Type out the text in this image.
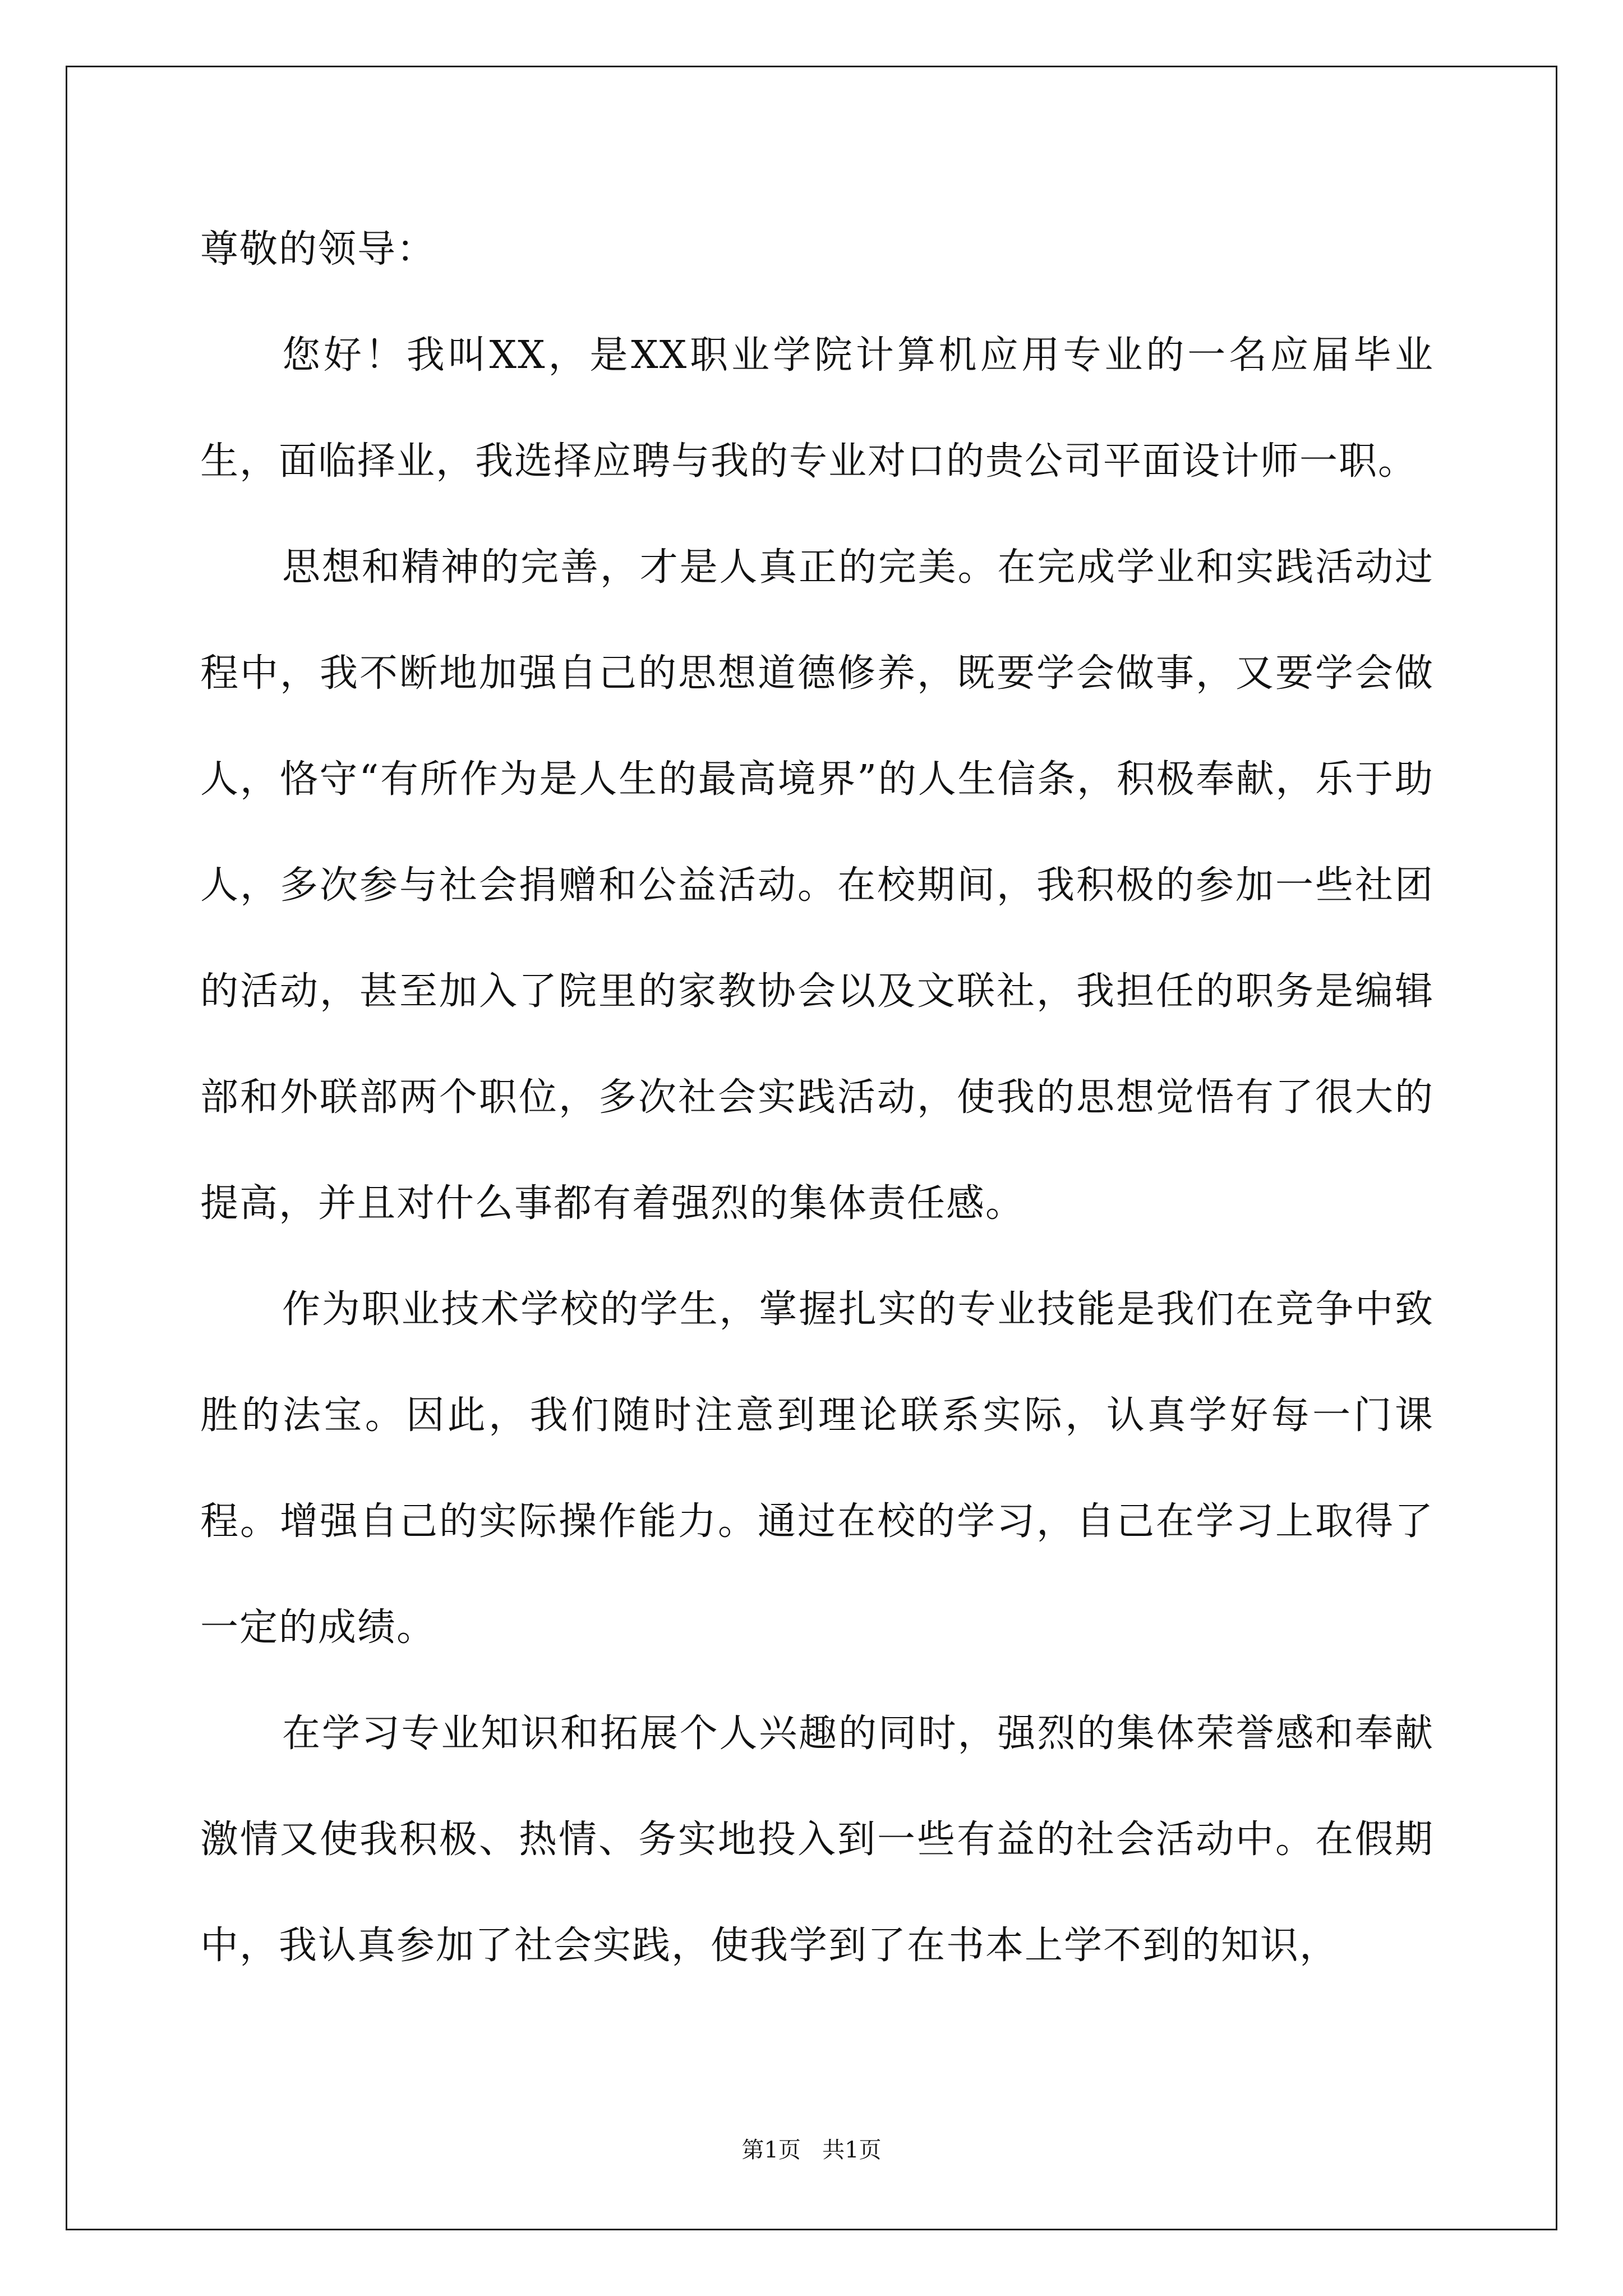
尊敬的领导：

您好！我叫XX，是XX职业学院计算机应用专业的一名应届毕业生，面临择业，我选择应聘与我的专业对口的贵公司平面设计师一职。

思想和精神的完善，才是人真正的完美。在完成学业和实践活动过程中，我不断地加强自己的思想道德修养，既要学会做事，又要学会做人，恪守“有所作为是人生的最高境界”的人生信条，积极奉献，乐于助人，多次参与社会捐赠和公益活动。在校期间，我积极的参加一些社团的活动，甚至加入了院里的家教协会以及文联社，我担任的职务是编辑部和外联部两个职位，多次社会实践活动，使我的思想觉悟有了很大的提高，并且对什么事都有着强烈的集体责任感。

作为职业技术学校的学生，掌握扎实的专业技能是我们在竞争中致胜的法宝。因此，我们随时注意到理论联系实际，认真学好每一门课程。增强自己的实际操作能力。通过在校的学习，自己在学习上取得了一定的成绩。

在学习专业知识和拓展个人兴趣的同时，强烈的集体荣誉感和奉献激情又使我积极、热情、务实地投入到一些有益的社会活动中。在假期中，我认真参加了社会实践，使我学到了在书本上学不到的知识，

第1页 共1页
